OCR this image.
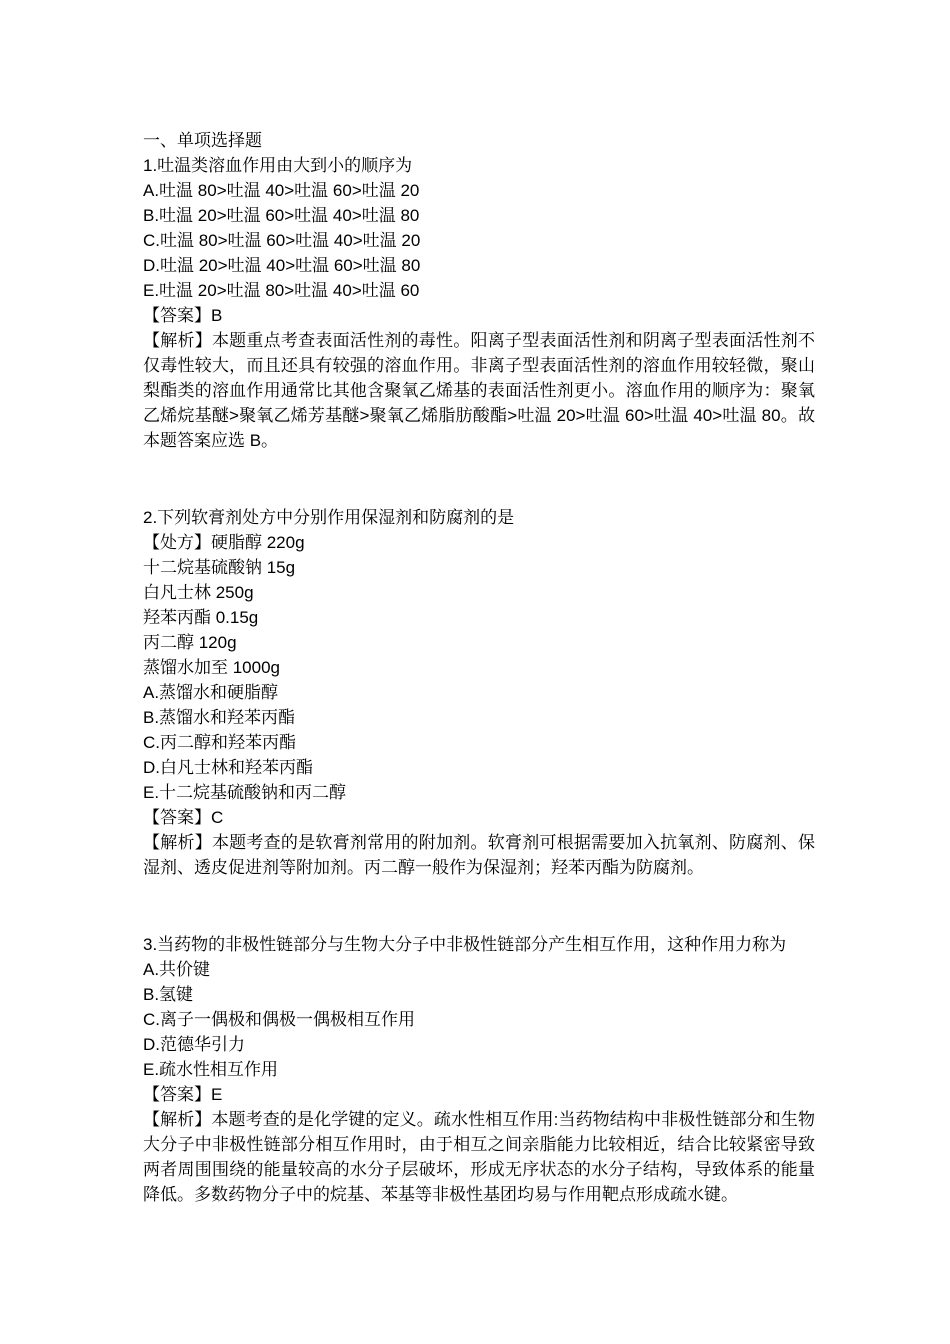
一、单项选择题

1.吐温类溶血作用由大到小的顺序为

A.吐温 80>吐温 40>吐温 60>吐温 20

B.吐温 20>吐温 60>吐温 40>吐温 80

C.吐温 80>吐温 60>吐温 40>吐温 20

D.吐温 20>吐温 40>吐温 60>吐温 80

E.吐温 20>吐温 80>吐温 40>吐温 60

【答案】B

【解析】本题重点考查表面活性剂的毒性。阳离子型表面活性剂和阴离子型表面活性剂不仅毒性较大，而且还具有较强的溶血作用。非离子型表面活性剂的溶血作用较轻微，聚山梨酯类的溶血作用通常比其他含聚氧乙烯基的表面活性剂更小。溶血作用的顺序为：聚氧乙烯烷基醚>聚氧乙烯芳基醚>聚氧乙烯脂肪酸酯>吐温 20>吐温 60>吐温 40>吐温 80。故本题答案应选 B。

2.下列软膏剂处方中分别作用保湿剂和防腐剂的是

【处方】硬脂醇 220g

十二烷基硫酸钠 15g

白凡士林 250g

羟苯丙酯 0.15g

丙二醇 120g

蒸馏水加至 1000g

A.蒸馏水和硬脂醇

B.蒸馏水和羟苯丙酯

C.丙二醇和羟苯丙酯

D.白凡士林和羟苯丙酯

E.十二烷基硫酸钠和丙二醇

【答案】C

【解析】本题考查的是软膏剂常用的附加剂。软膏剂可根据需要加入抗氧剂、防腐剂、保湿剂、透皮促进剂等附加剂。丙二醇一般作为保湿剂；羟苯丙酯为防腐剂。

3.当药物的非极性链部分与生物大分子中非极性链部分产生相互作用，这种作用力称为

A.共价键

B.氢键

C.离子一偶极和偶极一偶极相互作用

D.范德华引力

E.疏水性相互作用

【答案】E

【解析】本题考查的是化学键的定义。疏水性相互作用:当药物结构中非极性链部分和生物大分子中非极性链部分相互作用时，由于相互之间亲脂能力比较相近，结合比较紧密导致两者周围围绕的能量较高的水分子层破坏，形成无序状态的水分子结构，导致体系的能量降低。多数药物分子中的烷基、苯基等非极性基团均易与作用靶点形成疏水键。
